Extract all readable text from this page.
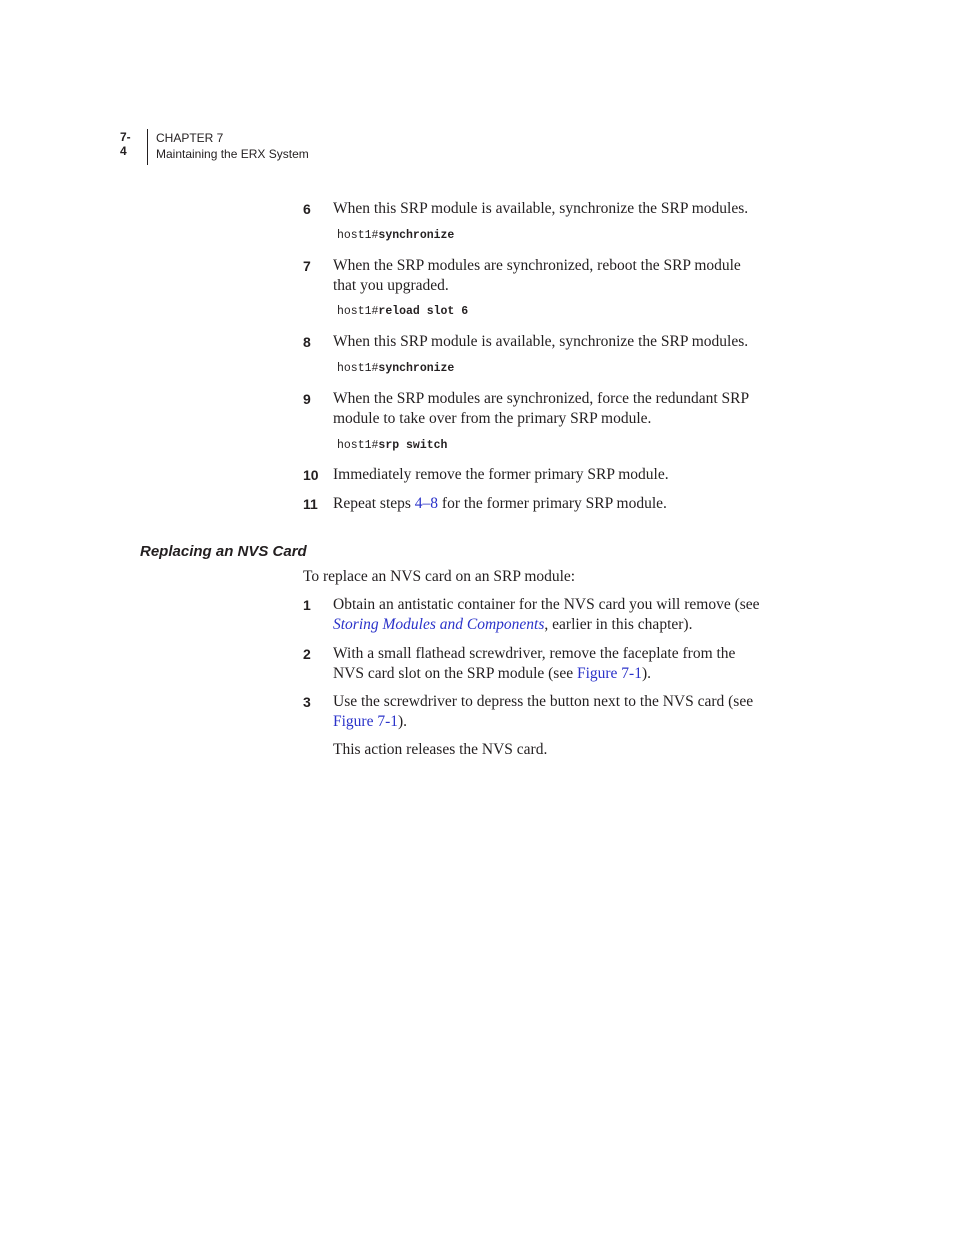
7-4
CHAPTER 7
Maintaining the ERX System
6 When this SRP module is available, synchronize the SRP modules.
host1#synchronize
7 When the SRP modules are synchronized, reboot the SRP module
that you upgraded.
host1#reload slot 6
8 When this SRP module is available, synchronize the SRP modules.
host1#synchronize
9 When the SRP modules are synchronized, force the redundant SRP
module to take over from the primary SRP module.
host1#srp switch
10 Immediately remove the former primary SRP module.
11 Repeat steps 4–8 for the former primary SRP module.
Replacing an NVS Card
To replace an NVS card on an SRP module:
1 Obtain an antistatic container for the NVS card you will remove (see
Storing Modules and Components, earlier in this chapter).
2 With a small flathead screwdriver, remove the faceplate from the
NVS card slot on the SRP module (see Figure 7-1).
3 Use the screwdriver to depress the button next to the NVS card (see
Figure 7-1).
This action releases the NVS card.
